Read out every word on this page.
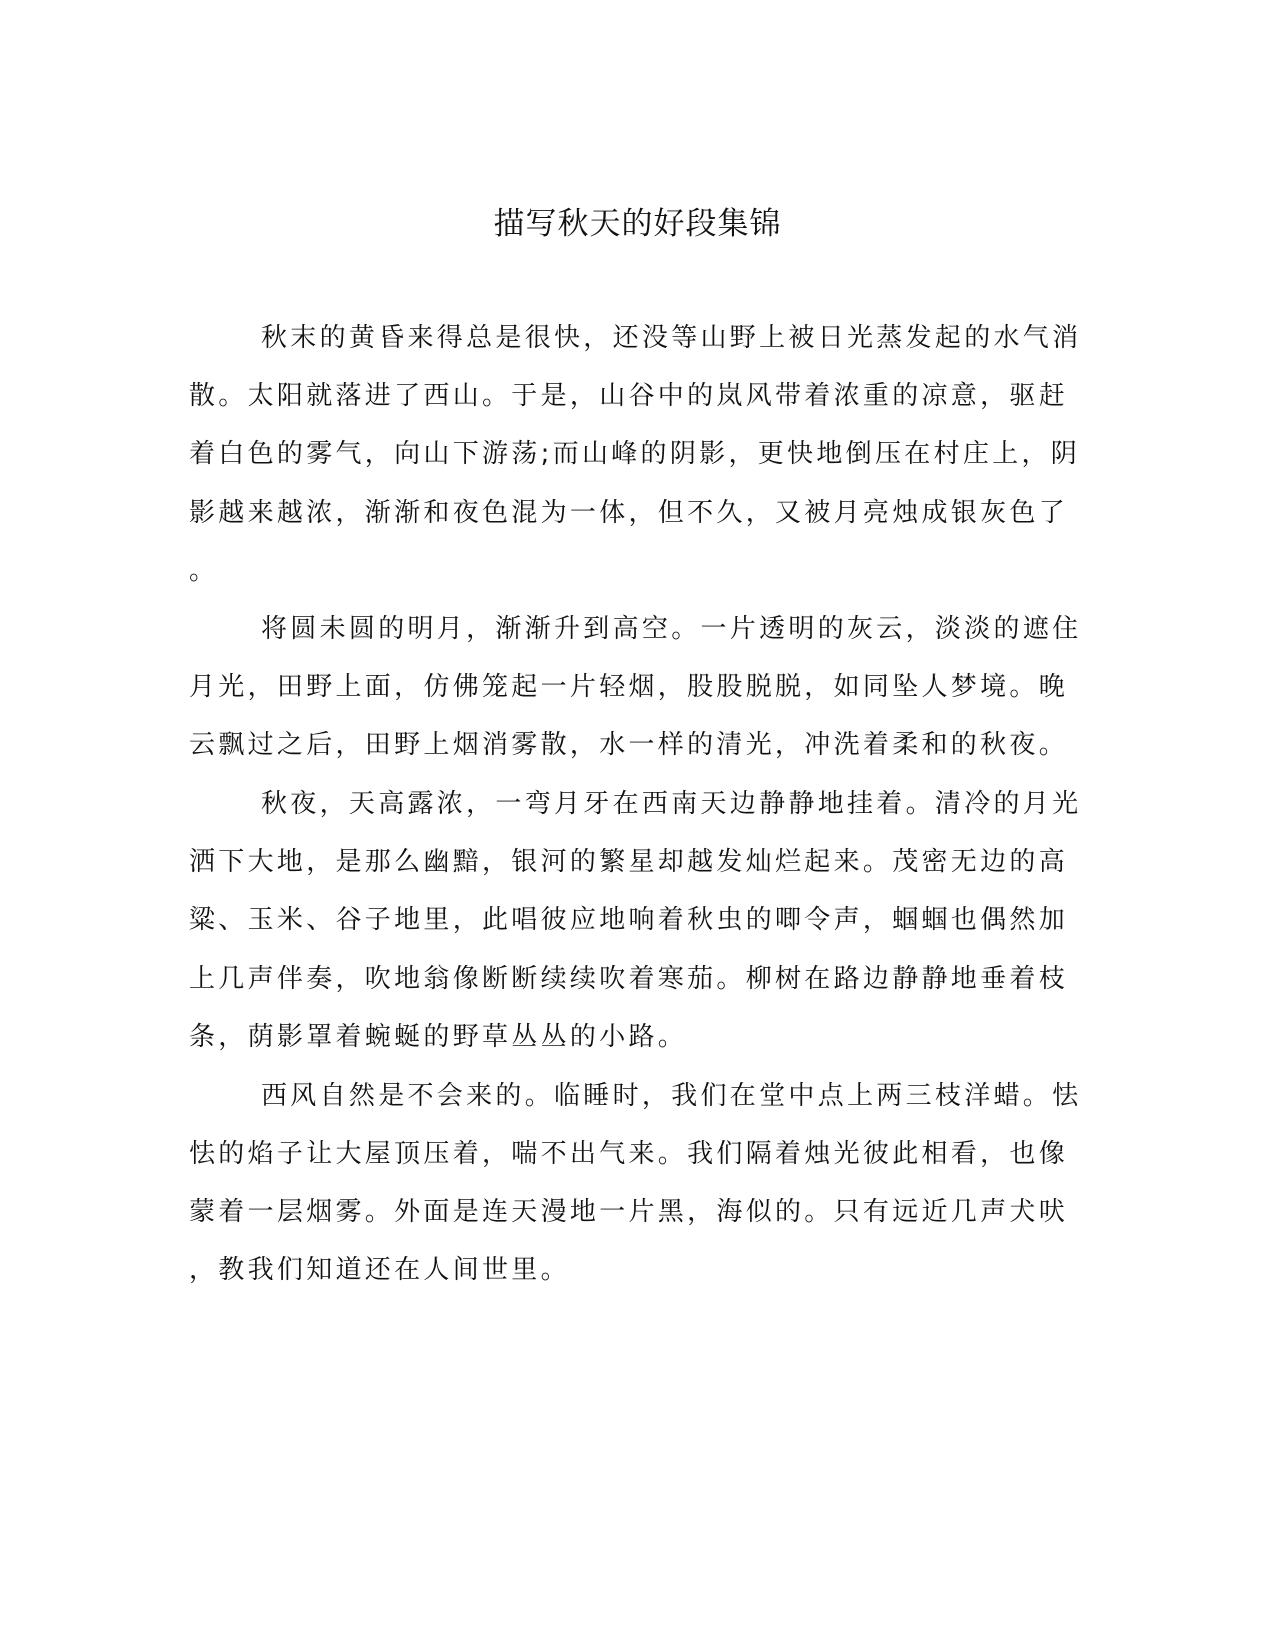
描写秋天的好段集锦
秋末的黄昏来得总是很快，还没等山野上被日光蒸发起的水气消
散。太阳就落进了西山。于是，山谷中的岚风带着浓重的凉意，驱赶
着白色的雾气，向山下游荡;而山峰的阴影，更快地倒压在村庄上，阴
影越来越浓，渐渐和夜色混为一体，但不久，又被月亮烛成银灰色了
。
将圆未圆的明月，渐渐升到高空。一片透明的灰云，淡淡的遮住
月光，田野上面，仿佛笼起一片轻烟，股股脱脱，如同坠人梦境。晚
云飘过之后，田野上烟消雾散，水一样的清光，冲洗着柔和的秋夜。
秋夜，天高露浓，一弯月牙在西南天边静静地挂着。清冷的月光
洒下大地，是那么幽黯，银河的繁星却越发灿烂起来。茂密无边的高
粱、玉米、谷子地里，此唱彼应地响着秋虫的唧令声，蝈蝈也偶然加
上几声伴奏，吹地翁像断断续续吹着寒茄。柳树在路边静静地垂着枝
条，荫影罩着蜿蜒的野草丛丛的小路。
西风自然是不会来的。临睡时，我们在堂中点上两三枝洋蜡。怯
怯的焰子让大屋顶压着，喘不出气来。我们隔着烛光彼此相看，也像
蒙着一层烟雾。外面是连天漫地一片黑，海似的。只有远近几声犬吠
，教我们知道还在人间世里。
